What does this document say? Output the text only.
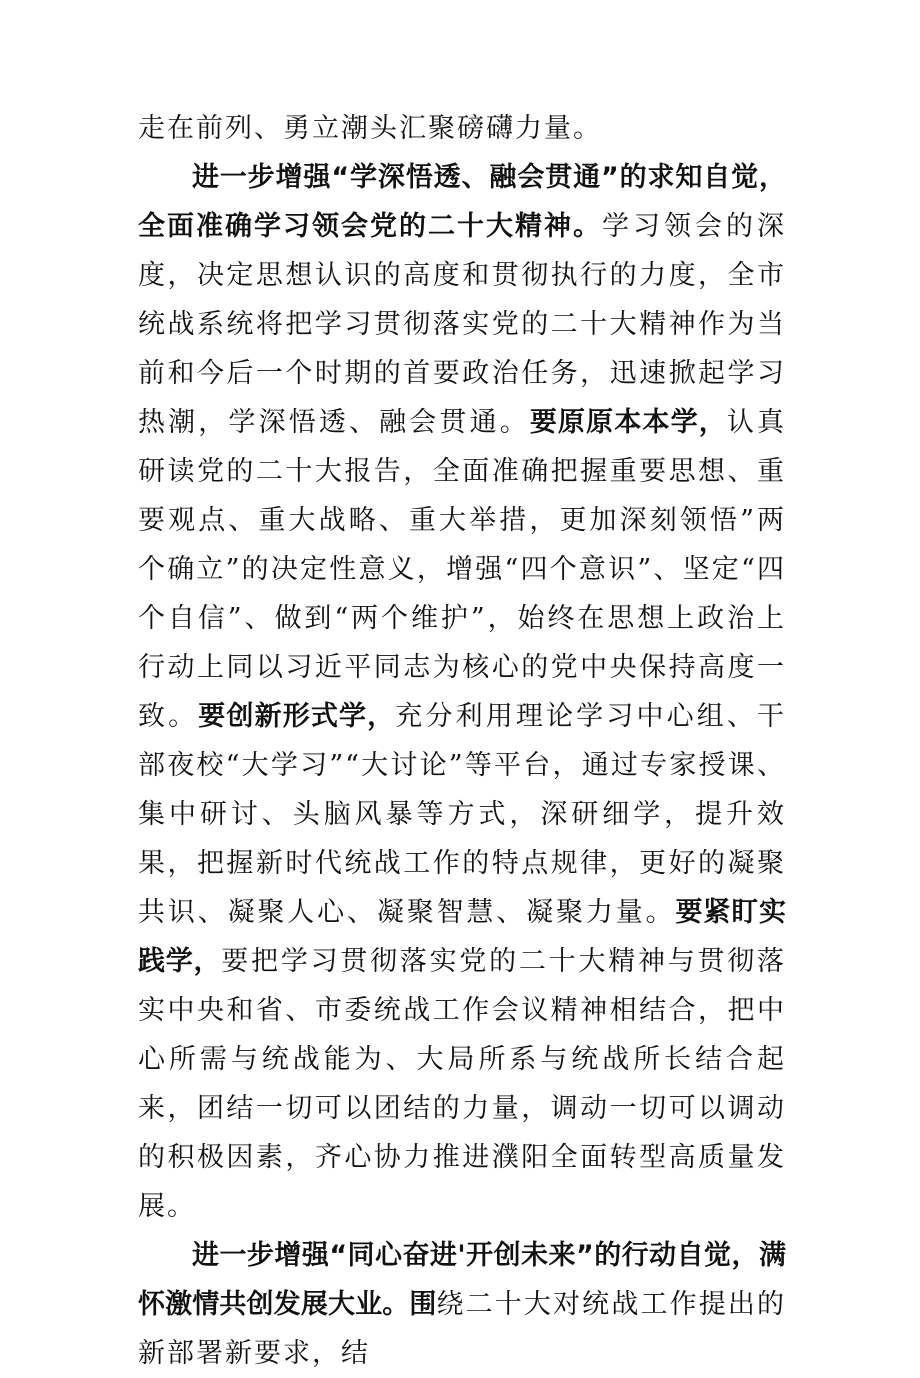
走在前列、勇立潮头汇聚磅礴力量。

进一步增强“学深悟透、融会贯通”的求知自觉，全面准确学习领会党的二十大精神。学习领会的深度，决定思想认识的高度和贯彻执行的力度，全市统战系统将把学习贯彻落实党的二十大精神作为当前和今后一个时期的首要政治任务，迅速掀起学习热潮，学深悟透、融会贯通。要原原本本学，认真研读党的二十大报告，全面准确把握重要思想、重要观点、重大战略、重大举措，更加深刻领悟”两个确立”的决定性意义，增强“四个意识”、坚定“四个自信”、做到“两个维护”，始终在思想上政治上行动上同以习近平同志为核心的党中央保持高度一致。要创新形式学，充分利用理论学习中心组、干部夜校“大学习”“大讨论”等平台，通过专家授课、集中研讨、头脑风暴等方式，深研细学，提升效果，把握新时代统战工作的特点规律，更好的凝聚共识、凝聚人心、凝聚智慧、凝聚力量。要紧盯实践学，要把学习贯彻落实党的二十大精神与贯彻落实中央和省、市委统战工作会议精神相结合，把中心所需与统战能为、大局所系与统战所长结合起来，团结一切可以团结的力量，调动一切可以调动的积极因素，齐心协力推进濮阳全面转型高质量发展。

进一步增强“同心奋进'开创未来”的行动自觉，满怀激情共创发展大业。围绕二十大对统战工作提出的新部署新要求，结
